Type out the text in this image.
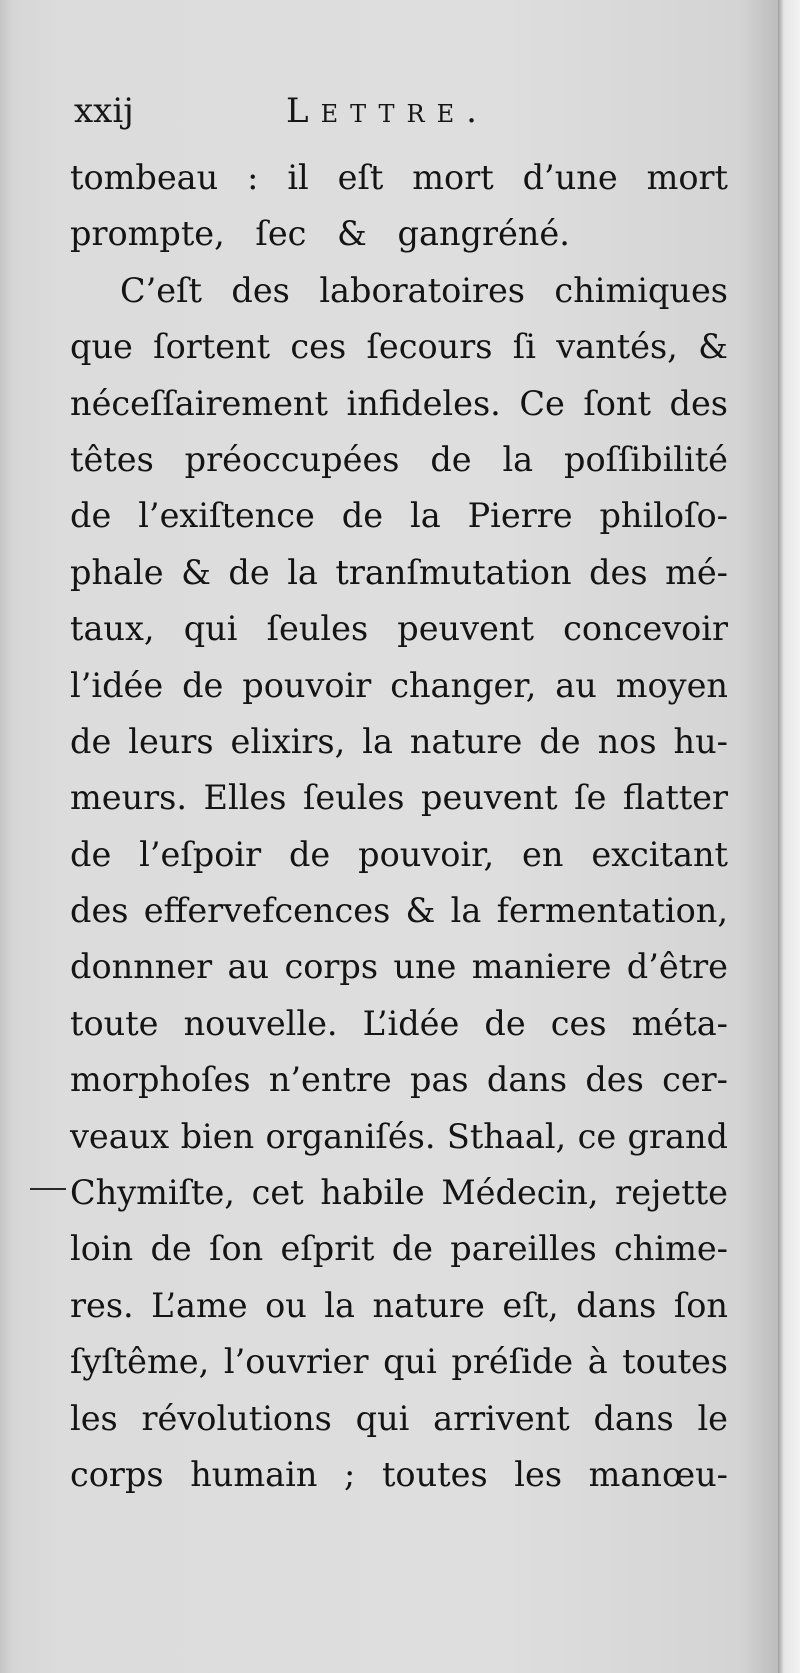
xxij	Lettre.
tombeau : il eſt mort d’une mort
prompte, ſec & gangréné.
C’eſt des laboratoires chimiques
que ſortent ces ſecours ſi vantés, &
néceſſairement infideles. Ce ſont des
têtes préoccupées de la poſſibilité
de l’exiſtence de la Pierre philoſo-
phale & de la tranſmutation des mé-
taux, qui ſeules peuvent concevoir
l’idée de pouvoir changer, au moyen
de leurs elixirs, la nature de nos hu-
meurs. Elles ſeules peuvent ſe flatter
de l’eſpoir de pouvoir, en excitant
des effervefcences & la fermentation,
donnner au corps une maniere d’être
toute nouvelle. L’idée de ces méta-
morphoſes n’entre pas dans des cer-
veaux bien organiſés. Sthaal, ce grand
Chymiſte, cet habile Médecin, rejette
loin de ſon eſprit de pareilles chime-
res. L’ame ou la nature eſt, dans ſon
ſyſtême, l’ouvrier qui préſide à toutes
les révolutions qui arrivent dans le
corps humain ; toutes les manœu-
